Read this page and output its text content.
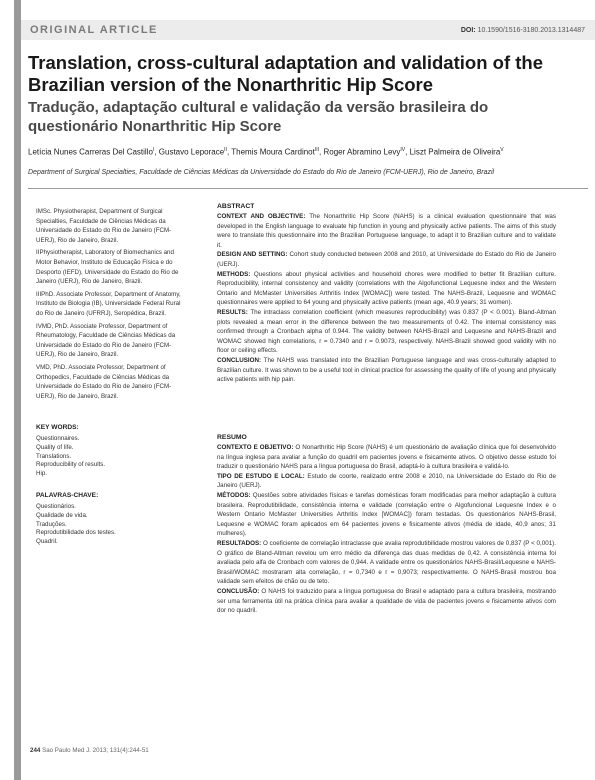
ORIGINAL ARTICLE	DOI: 10.1590/1516-3180.2013.1314487
Translation, cross-cultural adaptation and validation of the Brazilian version of the Nonarthritic Hip Score
Tradução, adaptação cultural e validação da versão brasileira do questionário Nonarthritic Hip Score
Letícia Nunes Carreras Del Castillo$^I$, Gustavo Leporace$^{II}$, Themis Moura Cardinot$^{III}$, Roger Abramino Levy$^{IV}$, Liszt Palmeira de Oliveira$^V$
Department of Surgical Specialties, Faculdade de Ciências Médicas da Universidade do Estado do Rio de Janeiro (FCM-UERJ), Rio de Janeiro, Brazil

IMSc. Physiotherapist, Department of Surgical Specialties, Faculdade de Ciências Médicas da Universidade do Estado do Rio de Janeiro (FCM-UERJ), Rio de Janeiro, Brazil.

IIPhysiotherapist, Laboratory of Biomechanics and Motor Behavior, Instituto de Educação Física e do Desporto (IEFD), Universidade do Estado do Rio de Janeiro (UERJ), Rio de Janeiro, Brazil.

IIIPhD. Associate Professor, Department of Anatomy, Instituto de Biologia (IB), Universidade Federal Rural do Rio de Janeiro (UFRRJ), Seropédica, Brazil.

IVMD, PhD. Associate Professor, Department of Rheumatology, Faculdade de Ciências Médicas da Universidade do Estado do Rio de Janeiro (FCM-UERJ), Rio de Janeiro, Brazil.

VMD, PhD. Associate Professor, Department of Orthopedics, Faculdade de Ciências Médicas da Universidade do Estado do Rio de Janeiro (FCM-UERJ), Rio de Janeiro, Brazil.

KEY WORDS:
Questionnaires.
Quality of life.
Translations.
Reproducibility of results.
Hip.
PALAVRAS-CHAVE:
Questionários.
Qualidade de vida.
Traduções.
Reprodutibilidade dos testes.
Quadril.
ABSTRACT

CONTEXT AND OBJECTIVE: The Nonarthritic Hip Score (NAHS) is a clinical evaluation questionnaire that was developed in the English language to evaluate hip function in young and physically active patients. The aims of this study were to translate this questionnaire into the Brazilian Portuguese language, to adapt it to Brazilian culture and to validate it.

DESIGN AND SETTING: Cohort study conducted between 2008 and 2010, at Universidade do Estado do Rio de Janeiro (UERJ).

METHODS: Questions about physical activities and household chores were modified to better fit Brazilian culture. Reproducibility, internal consistency and validity (correlations with the Algofunctional Lequesne index and the Western Ontario and McMaster Universities Arthritis Index [WOMAC]) were tested. The NAHS-Brazil, Lequesne and WOMAC questionnaires were applied to 64 young and physically active patients (mean age, 40.9 years; 31 women).

RESULTS: The intraclass correlation coefficient (which measures reproducibility) was 0.837 (P < 0.001). Bland-Altman plots revealed a mean error in the difference between the two measurements of 0.42. The internal consistency was confirmed through a Cronbach alpha of 0.944. The validity between NAHS-Brazil and Lequesne and NAHS-Brazil and WOMAC showed high correlations, r = 0.7340 and r = 0.9073, respectively. NAHS-Brazil showed good validity with no floor or ceiling effects.

CONCLUSION: The NAHS was translated into the Brazilian Portuguese language and was cross-culturally adapted to Brazilian culture. It was shown to be a useful tool in clinical practice for assessing the quality of life of young and physically active patients with hip pain.

RESUMO

CONTEXTO E OBJETIVO: O Nonarthritic Hip Score (NAHS) é um questionário de avaliação clínica que foi desenvolvido na língua inglesa para avaliar a função do quadril em pacientes jovens e fisicamente ativos. O objetivo desse estudo foi traduzir o questionário NAHS para a língua portuguesa do Brasil, adaptá-lo à cultura brasileira e validá-lo.

TIPO DE ESTUDO E LOCAL: Estudo de coorte, realizado entre 2008 e 2010, na Universidade do Estado do Rio de Janeiro (UERJ).

MÉTODOS: Questões sobre atividades físicas e tarefas domésticas foram modificadas para melhor adaptação à cultura brasileira. Reprodutibilidade, consistência interna e validade (correlação entre o Algofuncional Lequesne Index e o Western Ontario McMaster Universities Arthritis Index [WOMAC]) foram testadas. Os questionários NAHS-Brasil, Lequesne e WOMAC foram aplicados em 64 pacientes jovens e fisicamente ativos (média de idade, 40,9 anos; 31 mulheres).

RESULTADOS: O coeficiente de correlação intraclasse que avalia reprodutibilidade mostrou valores de 0,837 (P < 0,001). O gráfico de Bland-Altman revelou um erro médio da diferença das duas medidas de 0,42. A consistência interna foi avaliada pelo alfa de Cronbach com valores de 0,944. A validade entre os questionários NAHS-Brasil/Lequesne e NAHS-Brasil/WOMAC mostraram alta correlação, r = 0,7340 e r = 0,9073; respectivamente. O NAHS-Brasil mostrou boa validade sem efeitos de chão ou de teto.

CONCLUSÃO: O NAHS foi traduzido para a língua portuguesa do Brasil e adaptado para a cultura brasileira, mostrando ser uma ferramenta útil na prática clínica para avaliar a qualidade de vida de pacientes jovens e fisicamente ativos com dor no quadril.

244 Sao Paulo Med J. 2013; 131(4):244-51
